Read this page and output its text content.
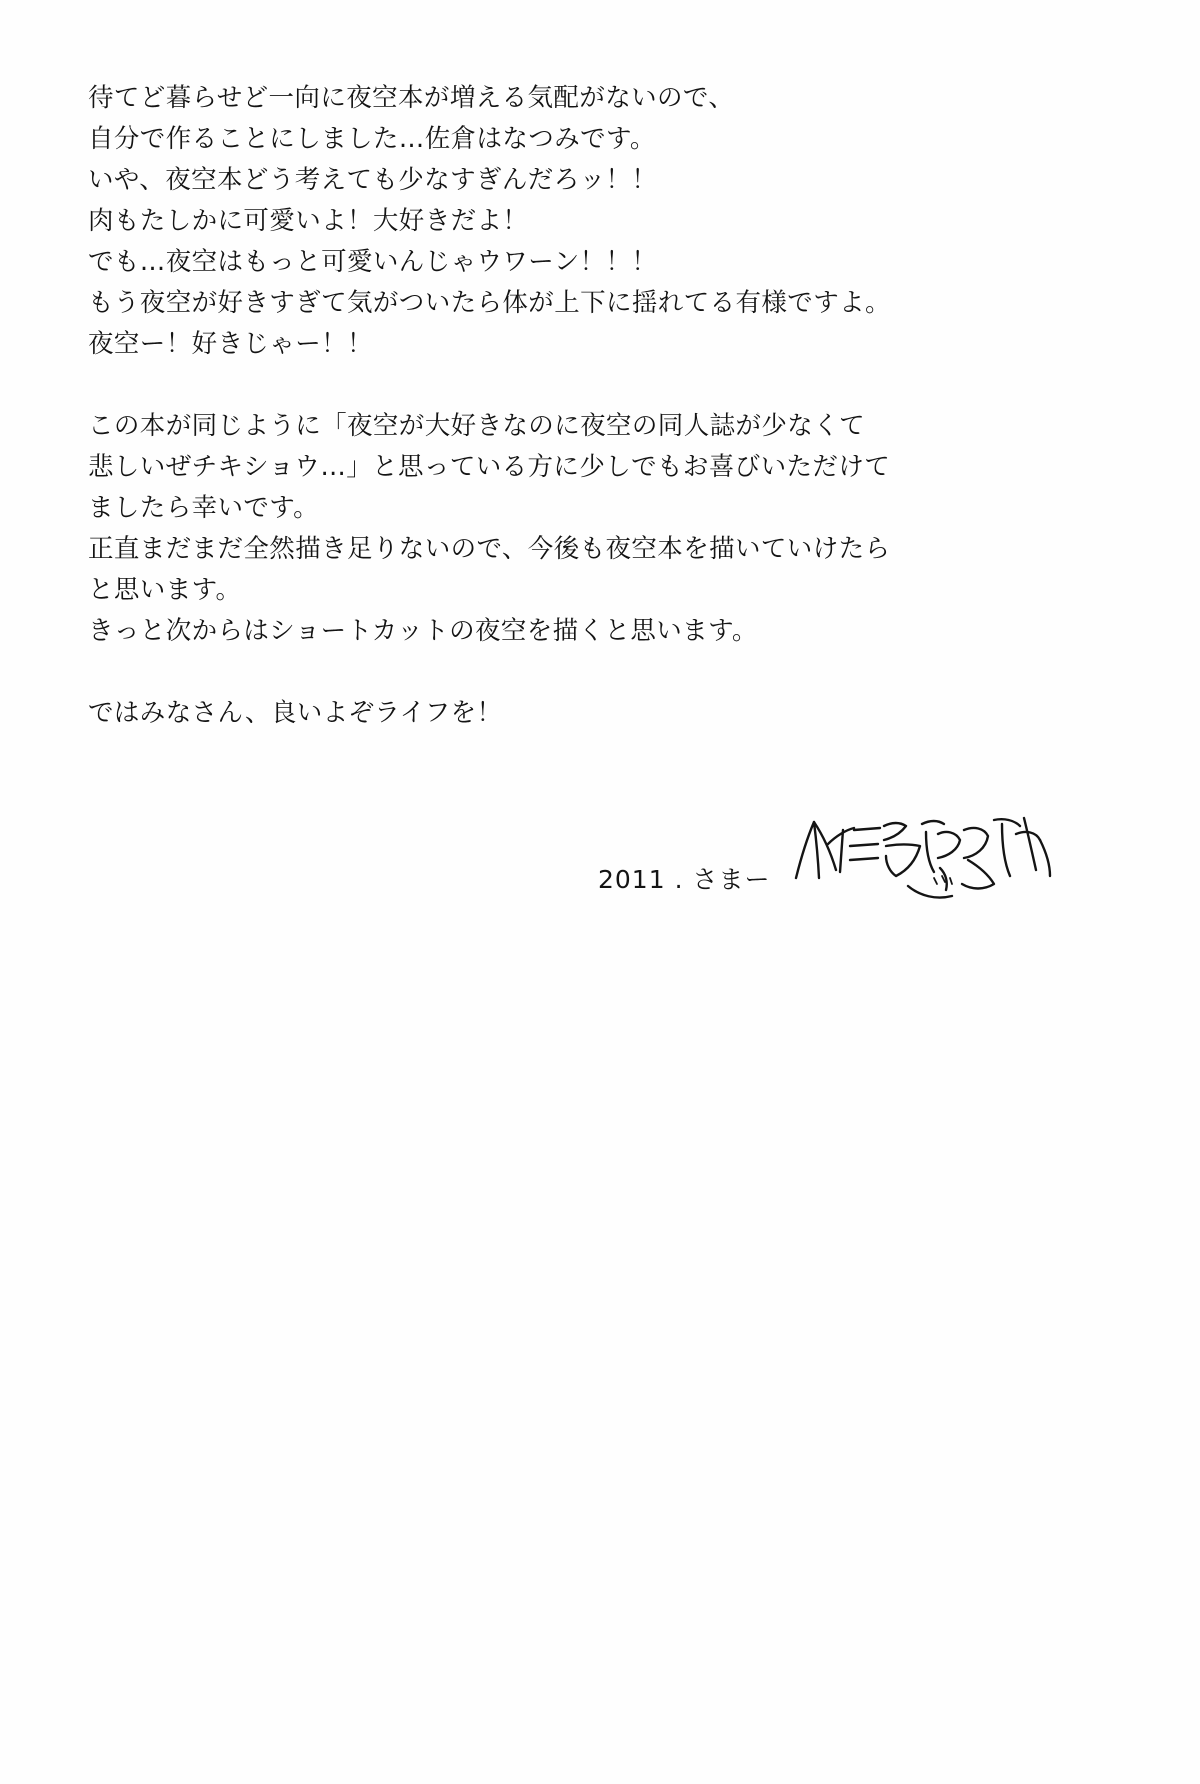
待てど暮らせど一向に夜空本が増える気配がないので、
自分で作ることにしました…佐倉はなつみです。
いや、夜空本どう考えても少なすぎんだろッ！！
肉もたしかに可愛いよ！大好きだよ！
でも…夜空はもっと可愛いんじゃウワーン！！！
もう夜空が好きすぎて気がついたら体が上下に揺れてる有様ですよ。
夜空ー！好きじゃー！！
この本が同じように「夜空が大好きなのに夜空の同人誌が少なくて
悲しいぜチキショウ…」と思っている方に少しでもお喜びいただけて
ましたら幸いです。
正直まだまだ全然描き足りないので、今後も夜空本を描いていけたら
と思います。
きっと次からはショートカットの夜空を描くと思います。
ではみなさん、良いよぞライフを！
2011 . さまー
